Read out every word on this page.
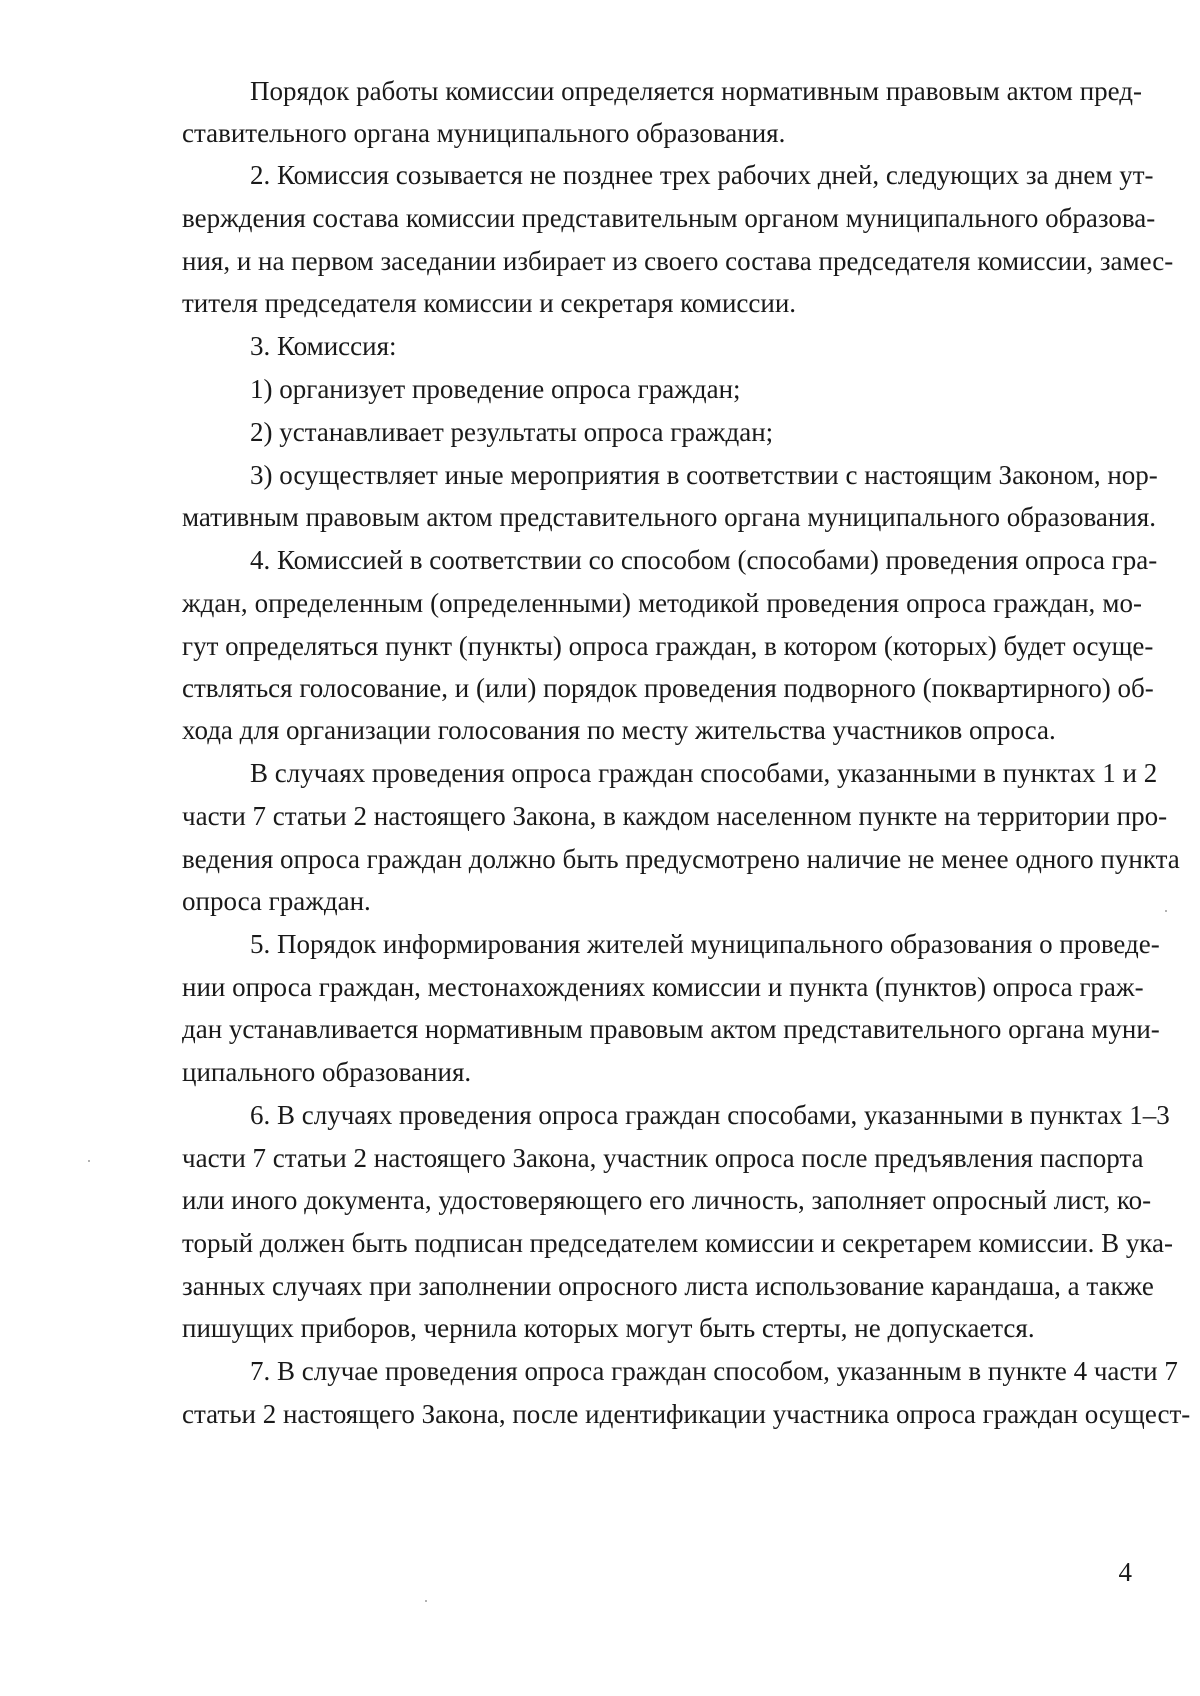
Порядок работы комиссии определяется нормативным правовым актом пред-

ставительного органа муниципального образования.

2. Комиссия созывается не позднее трех рабочих дней, следующих за днем ут-

верждения состава комиссии представительным органом муниципального образова-

ния, и на первом заседании избирает из своего состава председателя комиссии, замес-

тителя председателя комиссии и секретаря комиссии.

3. Комиссия:

1) организует проведение опроса граждан;

2) устанавливает результаты опроса граждан;

3) осуществляет иные мероприятия в соответствии с настоящим Законом, нор-

мативным правовым актом представительного органа муниципального образования.

4. Комиссией в соответствии со способом (способами) проведения опроса гра-

ждан, определенным (определенными) методикой проведения опроса граждан, мо-

гут определяться пункт (пункты) опроса граждан, в котором (которых) будет осуще-

ствляться голосование, и (или) порядок проведения подворного (поквартирного) об-

хода для организации голосования по месту жительства участников опроса.

В случаях проведения опроса граждан способами, указанными в пунктах 1 и 2

части 7 статьи 2 настоящего Закона, в каждом населенном пункте на территории про-

ведения опроса граждан должно быть предусмотрено наличие не менее одного пункта

опроса граждан.

5. Порядок информирования жителей муниципального образования о проведе-

нии опроса граждан, местонахождениях комиссии и пункта (пунктов) опроса граж-

дан устанавливается нормативным правовым актом представительного органа муни-

ципального образования.

6. В случаях проведения опроса граждан способами, указанными в пунктах 1–3

части 7 статьи 2 настоящего Закона, участник опроса после предъявления паспорта

или иного документа, удостоверяющего его личность, заполняет опросный лист, ко-

торый должен быть подписан председателем комиссии и секретарем комиссии. В ука-

занных случаях при заполнении опросного листа использование карандаша, а также

пишущих приборов, чернила которых могут быть стерты, не допускается.

7. В случае проведения опроса граждан способом, указанным в пункте 4 части 7

статьи 2 настоящего Закона, после идентификации участника опроса граждан осущест-

4
